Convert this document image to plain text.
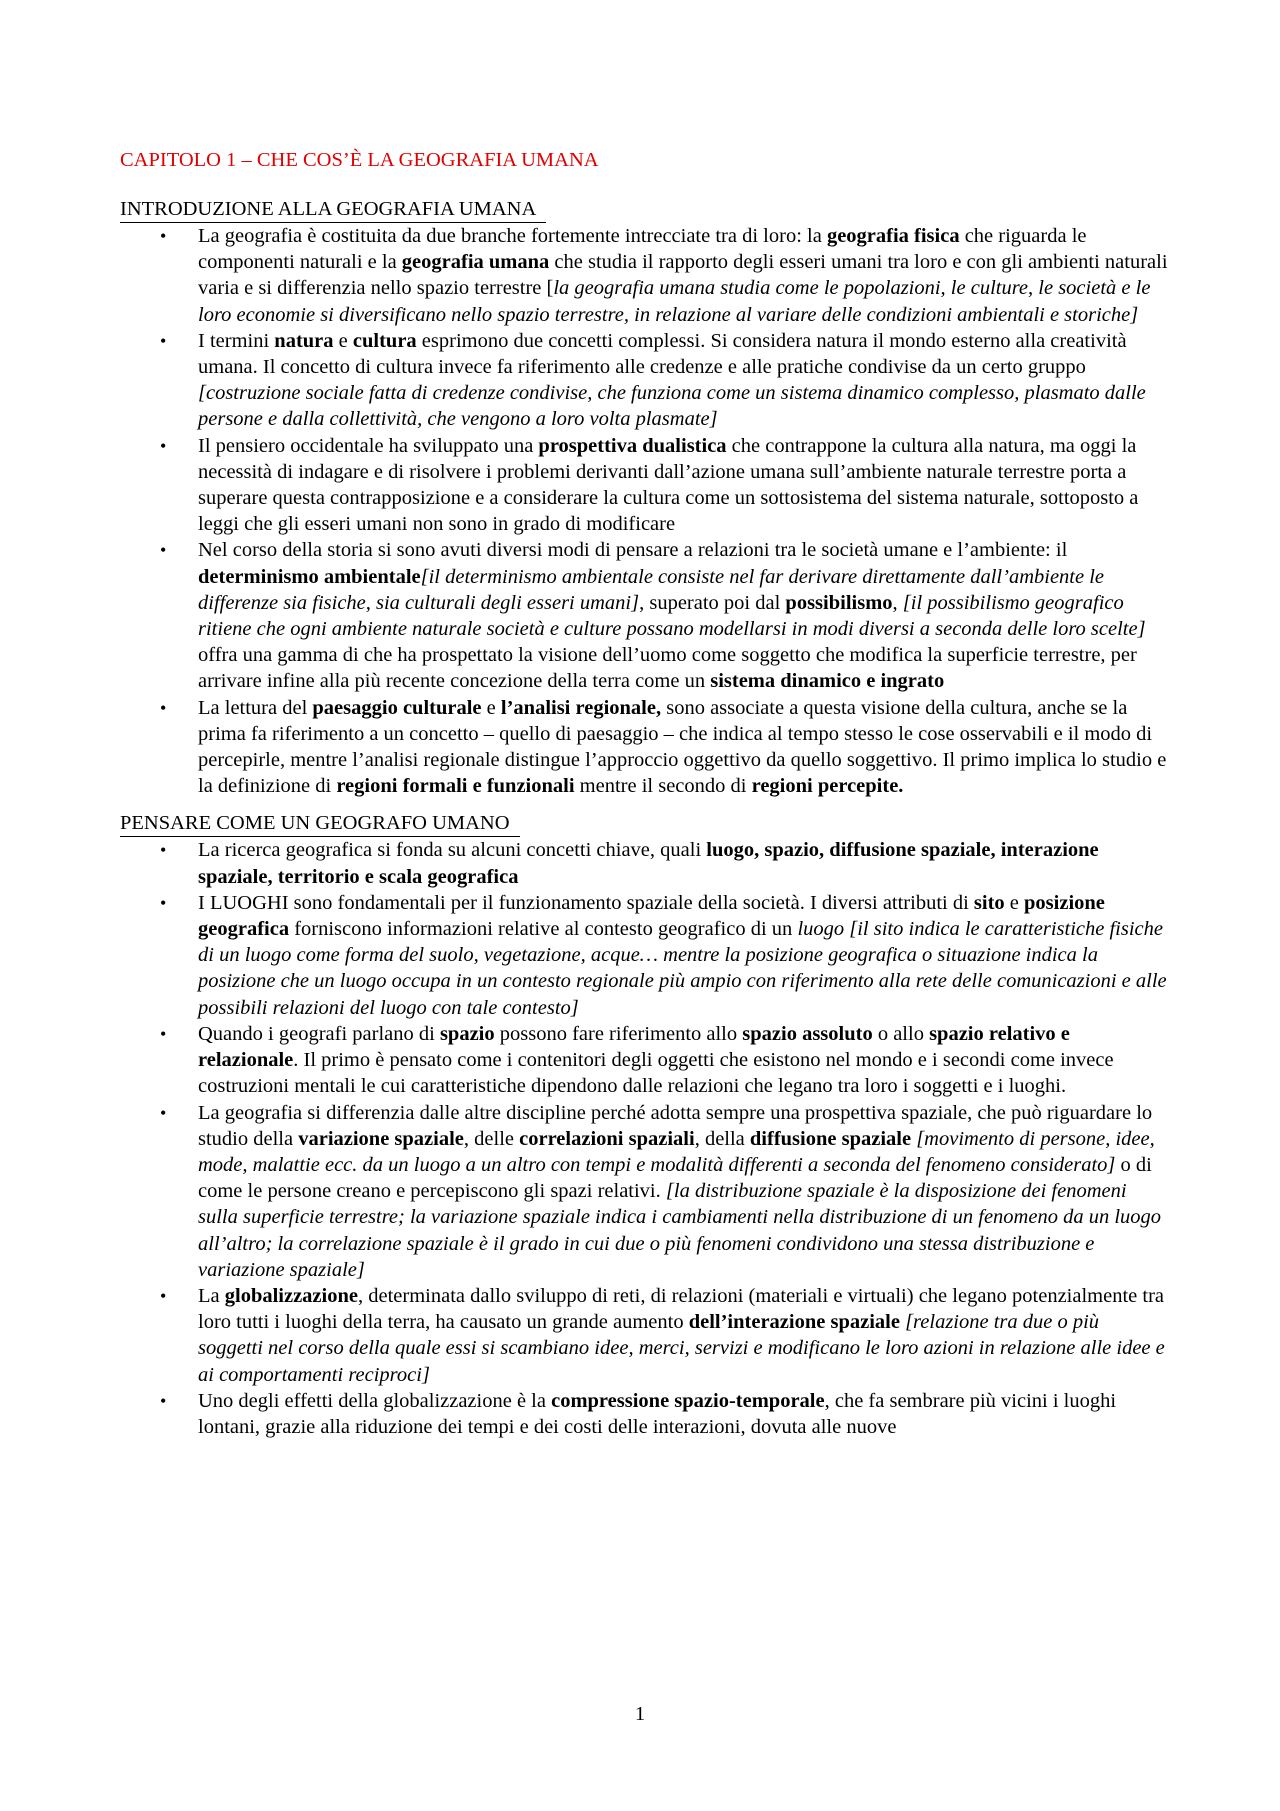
CAPITOLO 1 – CHE COS’È LA GEOGRAFIA UMANA
INTRODUZIONE ALLA GEOGRAFIA UMANA
• La geografia è costituita da due branche fortemente intrecciate tra di loro: la geografia fisica che riguarda le componenti naturali e la geografia umana che studia il rapporto degli esseri umani tra loro e con gli ambienti naturali varia e si differenzia nello spazio terrestre [la geografia umana studia come le popolazioni, le culture, le società e le loro economie si diversificano nello spazio terrestre, in relazione al variare delle condizioni ambientali e storiche]
• I termini natura e cultura esprimono due concetti complessi. Si considera natura il mondo esterno alla creatività umana. Il concetto di cultura invece fa riferimento alle credenze e alle pratiche condivise da un certo gruppo [costruzione sociale fatta di credenze condivise, che funziona come un sistema dinamico complesso, plasmato dalle persone e dalla collettività, che vengono a loro volta plasmate]
• Il pensiero occidentale ha sviluppato una prospettiva dualistica che contrappone la cultura alla natura, ma oggi la necessità di indagare e di risolvere i problemi derivanti dall’azione umana sull’ambiente naturale terrestre porta a superare questa contrapposizione e a considerare la cultura come un sottosistema del sistema naturale, sottoposto a leggi che gli esseri umani non sono in grado di modificare
• Nel corso della storia si sono avuti diversi modi di pensare a relazioni tra le società umane e l’ambiente: il determinismo ambientale[il determinismo ambientale consiste nel far derivare direttamente dall’ambiente le differenze sia fisiche, sia culturali degli esseri umani], superato poi dal possibilismo, [il possibilismo geografico ritiene che ogni ambiente naturale società e culture possano modellarsi in modi diversi a seconda delle loro scelte] offra una gamma di che ha prospettato la visione dell’uomo come soggetto che modifica la superficie terrestre, per arrivare infine alla più recente concezione della terra come un sistema dinamico e ingrato
• La lettura del paesaggio culturale e l’analisi regionale, sono associate a questa visione della cultura, anche se la prima fa riferimento a un concetto – quello di paesaggio – che indica al tempo stesso le cose osservabili e il modo di percepirle, mentre l’analisi regionale distingue l’approccio oggettivo da quello soggettivo. Il primo implica lo studio e la definizione di regioni formali e funzionali mentre il secondo di regioni percepite.
PENSARE COME UN GEOGRAFO UMANO
• La ricerca geografica si fonda su alcuni concetti chiave, quali luogo, spazio, diffusione spaziale, interazione spaziale, territorio e scala geografica
• I LUOGHI sono fondamentali per il funzionamento spaziale della società. I diversi attributi di sito e posizione geografica forniscono informazioni relative al contesto geografico di un luogo [il sito indica le caratteristiche fisiche di un luogo come forma del suolo, vegetazione, acque… mentre la posizione geografica o situazione indica la posizione che un luogo occupa in un contesto regionale più ampio con riferimento alla rete delle comunicazioni e alle possibili relazioni del luogo con tale contesto]
• Quando i geografi parlano di spazio possono fare riferimento allo spazio assoluto o allo spazio relativo e relazionale. Il primo è pensato come i contenitori degli oggetti che esistono nel mondo e i secondi come invece costruzioni mentali le cui caratteristiche dipendono dalle relazioni che legano tra loro i soggetti e i luoghi.
• La geografia si differenzia dalle altre discipline perché adotta sempre una prospettiva spaziale, che può riguardare lo studio della variazione spaziale, delle correlazioni spaziali, della diffusione spaziale [movimento di persone, idee, mode, malattie ecc. da un luogo a un altro con tempi e modalità differenti a seconda del fenomeno considerato] o di come le persone creano e percepiscono gli spazi relativi. [la distribuzione spaziale è la disposizione dei fenomeni sulla superficie terrestre; la variazione spaziale indica i cambiamenti nella distribuzione di un fenomeno da un luogo all’altro; la correlazione spaziale è il grado in cui due o più fenomeni condividono una stessa distribuzione e variazione spaziale]
• La globalizzazione, determinata dallo sviluppo di reti, di relazioni (materiali e virtuali) che legano potenzialmente tra loro tutti i luoghi della terra, ha causato un grande aumento dell’interazione spaziale [relazione tra due o più soggetti nel corso della quale essi si scambiano idee, merci, servizi e modificano le loro azioni in relazione alle idee e ai comportamenti reciproci]
• Uno degli effetti della globalizzazione è la compressione spazio-temporale, che fa sembrare più vicini i luoghi lontani, grazie alla riduzione dei tempi e dei costi delle interazioni, dovuta alle nuove
1
